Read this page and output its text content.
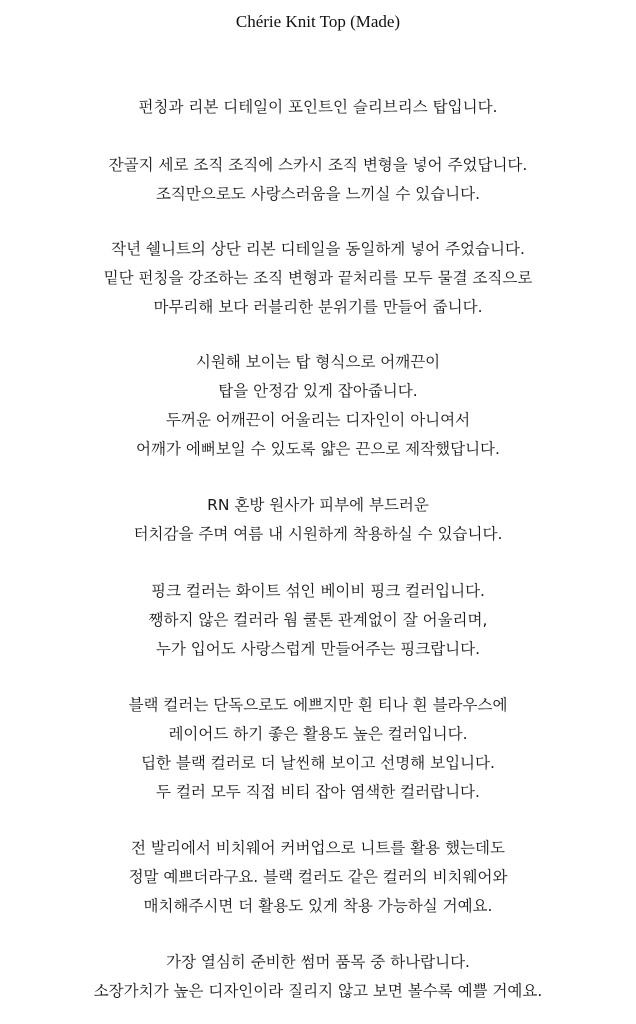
Chérie Knit Top (Made)
펀칭과 리본 디테일이 포인트인 슬리브리스 탑입니다.
잔골지 세로 조직 조직에 스카시 조직 변형을 넣어 주었답니다.
조직만으로도 사랑스러움을 느끼실 수 있습니다.
작년 쉘니트의 상단 리본 디테일을 동일하게 넣어 주었습니다.
밑단 펀칭을 강조하는 조직 변형과 끝처리를 모두 물결 조직으로
마무리해 보다 러블리한 분위기를 만들어 줍니다.
시원해 보이는 탑 형식으로 어깨끈이
탑을 안정감 있게 잡아줍니다.
두꺼운 어깨끈이 어울리는 디자인이 아니여서
어깨가 에뻐보일 수 있도록 얇은 끈으로 제작했답니다.
RN 혼방 원사가 피부에 부드러운
터치감을 주며 여름 내 시원하게 착용하실 수 있습니다.
핑크 컬러는 화이트 섞인 베이비 핑크 컬러입니다.
쨍하지 않은 컬러라 웜 쿨톤 관계없이 잘 어울리며,
누가 입어도 사랑스럽게 만들어주는 핑크랍니다.
블랙 컬러는 단독으로도 에쁘지만 흰 티나 흰 블라우스에
레이어드 하기 좋은 활용도 높은 컬러입니다.
딥한 블랙 컬러로 더 날씬해 보이고 선명해 보입니다.
두 컬러 모두 직접 비티 잡아 염색한 컬러랍니다.
전 발리에서 비치웨어 커버업으로 니트를 활용 했는데도
정말 예쁘더라구요. 블랙 컬러도 같은 컬러의 비치웨어와
매치해주시면 더 활용도 있게 착용 가능하실 거예요.
가장 열심히 준비한 썸머 품목 중 하나랍니다.
소장가치가 높은 디자인이라 질리지 않고 보면 볼수록 예쁠 거예요.
